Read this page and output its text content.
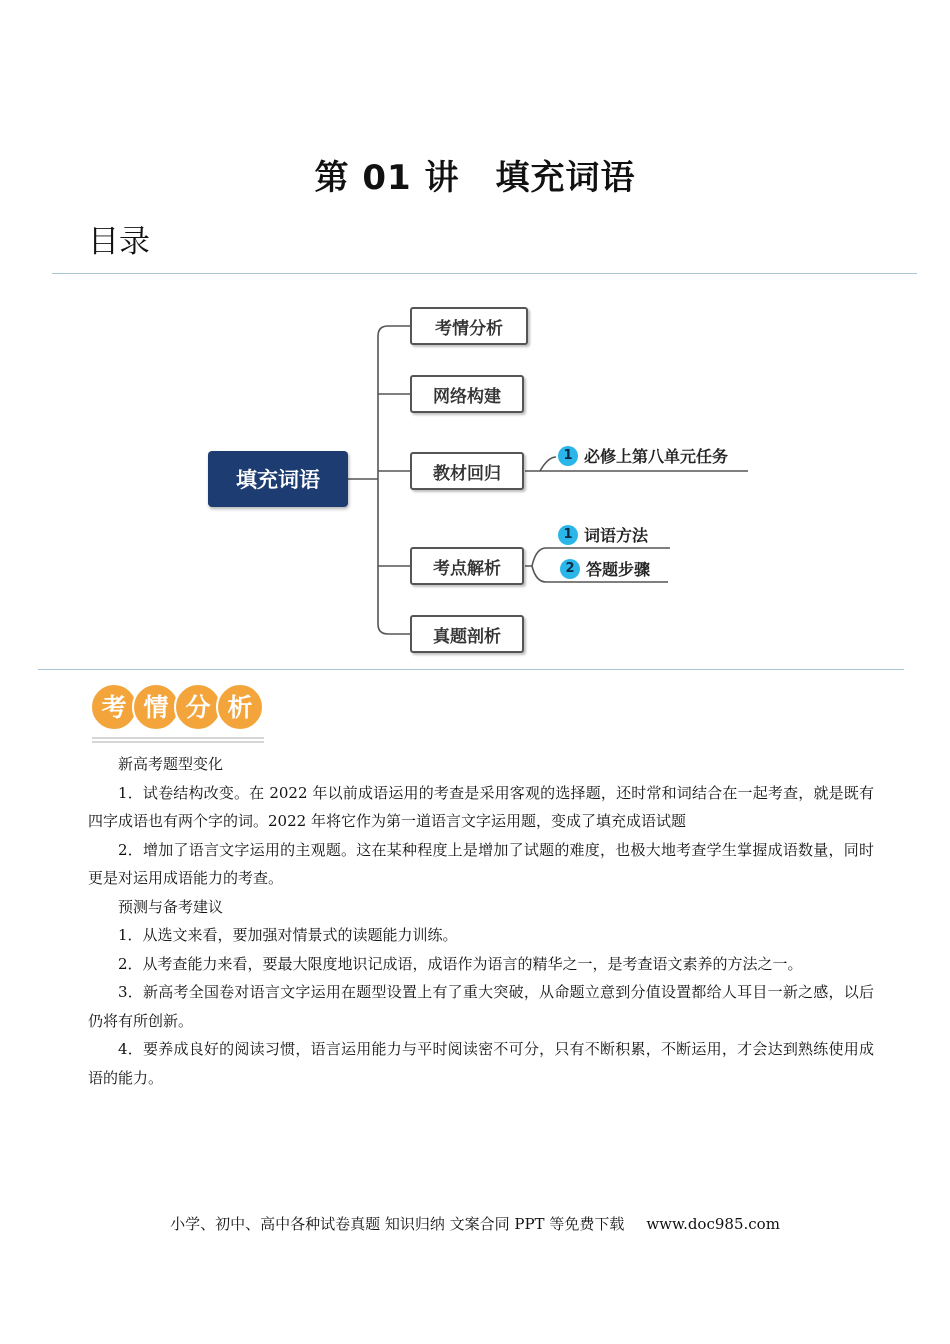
第 01 讲 填充词语
目录
填充词语
考情分析
网络构建
教材回归
考点解析
真题剖析
1 必修上第八单元任务
1 词语方法
2 答题步骤
考 情 分 析

新高考题型变化

1．试卷结构改变。在 2022 年以前成语运用的考查是采用客观的选择题，还时常和词结合在一起考查，就是既有四字成语也有两个字的词。2022 年将它作为第一道语言文字运用题，变成了填充成语试题

2．增加了语言文字运用的主观题。这在某种程度上是增加了试题的难度，也极大地考查学生掌握成语数量，同时更是对运用成语能力的考查。

预测与备考建议

1．从选文来看，要加强对情景式的读题能力训练。

2．从考查能力来看，要最大限度地识记成语，成语作为语言的精华之一，是考查语文素养的方法之一。

3．新高考全国卷对语言文字运用在题型设置上有了重大突破，从命题立意到分值设置都给人耳目一新之感，以后仍将有所创新。

4．要养成良好的阅读习惯，语言运用能力与平时阅读密不可分，只有不断积累，不断运用，才会达到熟练使用成语的能力。

小学、初中、高中各种试卷真题 知识归纳 文案合同 PPT 等免费下载 www.doc985.com
